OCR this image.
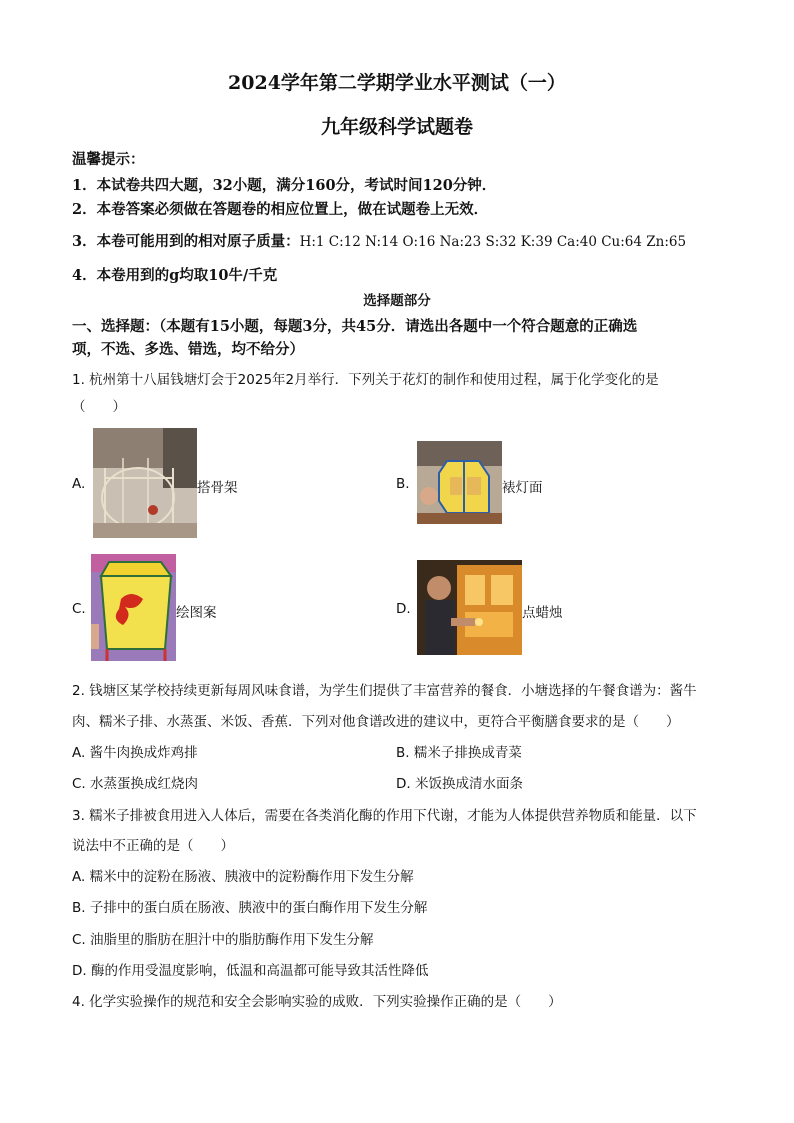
2024学年第二学期学业水平测试（一）
九年级科学试题卷
温馨提示：
1．本试卷共四大题，32小题，满分160分，考试时间120分钟．
2．本卷答案必须做在答题卷的相应位置上，做在试题卷上无效．
3．本卷可能用到的相对原子质量：H:1 C:12 N:14 O:16 Na:23 S:32 K:39 Ca:40 Cu:64 Zn:65
4．本卷用到的g均取10牛/千克
选择题部分
一、选择题：（本题有15小题，每题3分，共45分．请选出各题中一个符合题意的正确选
项，不选、多选、错选，均不给分）
1. 杭州第十八届钱塘灯会于2025年2月举行．下列关于花灯的制作和使用过程，属于化学变化的是
（　　）
A.	搭骨架	B.	裱灯面
C.	绘图案	D.	点蜡烛
2. 钱塘区某学校持续更新每周风味食谱，为学生们提供了丰富营养的餐食．小塘选择的午餐食谱为：酱牛
肉、糯米子排、水蒸蛋、米饭、香蕉．下列对他食谱改进的建议中，更符合平衡膳食要求的是（　　）
A. 酱牛肉换成炸鸡排	B. 糯米子排换成青菜
C. 水蒸蛋换成红烧肉	D. 米饭换成清水面条
3. 糯米子排被食用进入人体后，需要在各类消化酶的作用下代谢，才能为人体提供营养物质和能量．以下
说法中不正确的是（　　）
A. 糯米中的淀粉在肠液、胰液中的淀粉酶作用下发生分解
B. 子排中的蛋白质在肠液、胰液中的蛋白酶作用下发生分解
C. 油脂里的脂肪在胆汁中的脂肪酶作用下发生分解
D. 酶的作用受温度影响，低温和高温都可能导致其活性降低
4. 化学实验操作的规范和安全会影响实验的成败．下列实验操作正确的是（　　）
